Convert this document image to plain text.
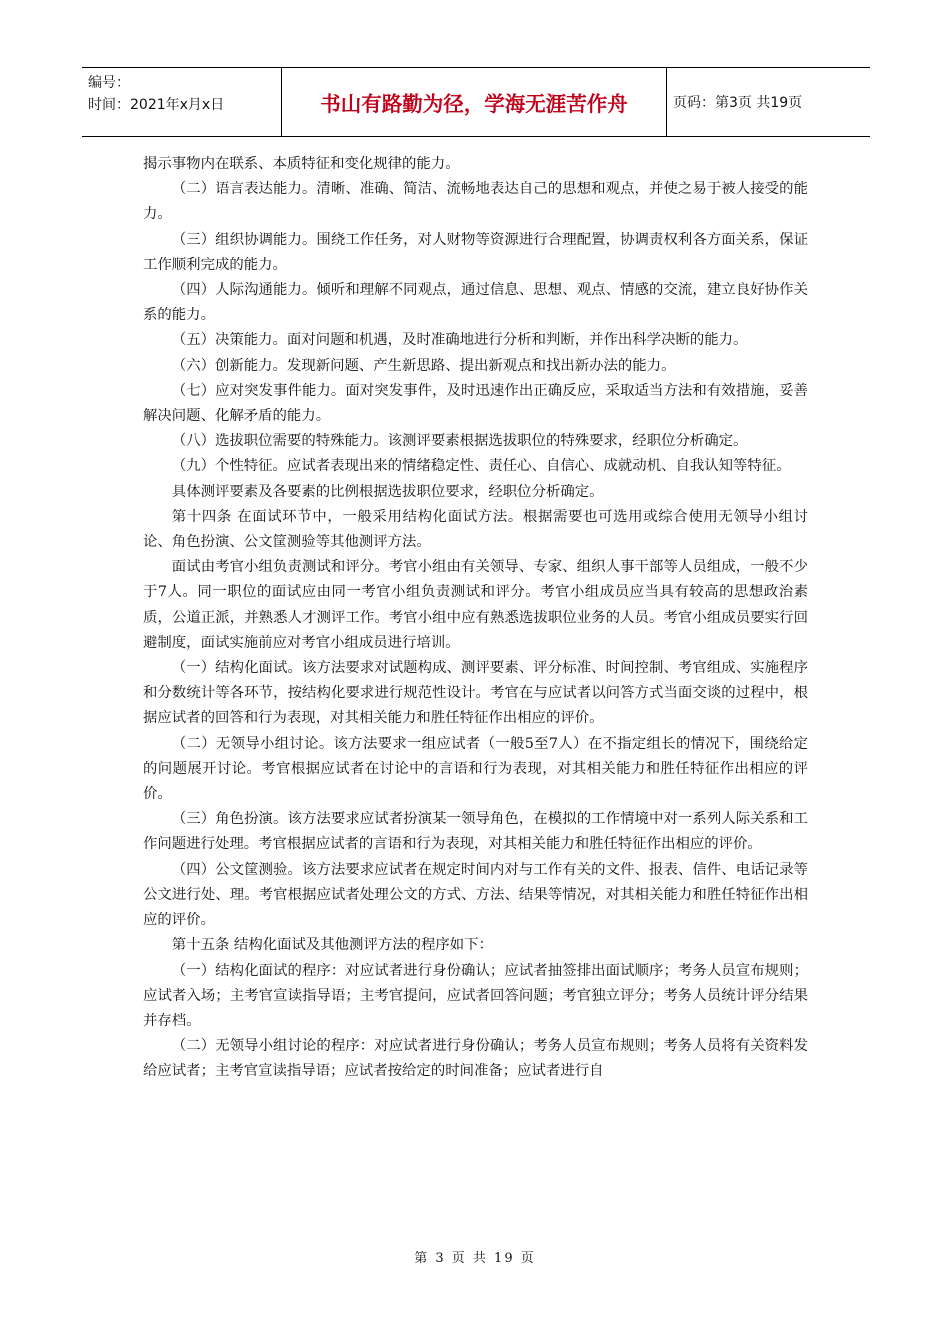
编号：
时间：2021年x月x日	书山有路勤为径，学海无涯苦作舟	页码：第3页 共19页

揭示事物内在联系、本质特征和变化规律的能力。

（二）语言表达能力。清晰、准确、简洁、流畅地表达自己的思想和观点，并使之易于被人接受的能力。

（三）组织协调能力。围绕工作任务，对人财物等资源进行合理配置，协调责权利各方面关系，保证工作顺利完成的能力。

（四）人际沟通能力。倾听和理解不同观点，通过信息、思想、观点、情感的交流，建立良好协作关系的能力。

（五）决策能力。面对问题和机遇，及时准确地进行分析和判断，并作出科学决断的能力。

（六）创新能力。发现新问题、产生新思路、提出新观点和找出新办法的能力。

（七）应对突发事件能力。面对突发事件，及时迅速作出正确反应，采取适当方法和有效措施，妥善解决问题、化解矛盾的能力。

（八）选拔职位需要的特殊能力。该测评要素根据选拔职位的特殊要求，经职位分析确定。

（九）个性特征。应试者表现出来的情绪稳定性、责任心、自信心、成就动机、自我认知等特征。

具体测评要素及各要素的比例根据选拔职位要求，经职位分析确定。

第十四条 在面试环节中，一般采用结构化面试方法。根据需要也可选用或综合使用无领导小组讨论、角色扮演、公文筐测验等其他测评方法。

面试由考官小组负责测试和评分。考官小组由有关领导、专家、组织人事干部等人员组成，一般不少于7人。同一职位的面试应由同一考官小组负责测试和评分。考官小组成员应当具有较高的思想政治素质，公道正派，并熟悉人才测评工作。考官小组中应有熟悉选拔职位业务的人员。考官小组成员要实行回避制度，面试实施前应对考官小组成员进行培训。

（一）结构化面试。该方法要求对试题构成、测评要素、评分标准、时间控制、考官组成、实施程序和分数统计等各环节，按结构化要求进行规范性设计。考官在与应试者以问答方式当面交谈的过程中，根据应试者的回答和行为表现，对其相关能力和胜任特征作出相应的评价。

（二）无领导小组讨论。该方法要求一组应试者（一般5至7人）在不指定组长的情况下，围绕给定的问题展开讨论。考官根据应试者在讨论中的言语和行为表现，对其相关能力和胜任特征作出相应的评价。

（三）角色扮演。该方法要求应试者扮演某一领导角色，在模拟的工作情境中对一系列人际关系和工作问题进行处理。考官根据应试者的言语和行为表现，对其相关能力和胜任特征作出相应的评价。

（四）公文筐测验。该方法要求应试者在规定时间内对与工作有关的文件、报表、信件、电话记录等公文进行处、理。考官根据应试者处理公文的方式、方法、结果等情况，对其相关能力和胜任特征作出相应的评价。

第十五条 结构化面试及其他测评方法的程序如下：

（一）结构化面试的程序：对应试者进行身份确认；应试者抽签排出面试顺序；考务人员宣布规则；应试者入场；主考官宣读指导语；主考官提问，应试者回答问题；考官独立评分；考务人员统计评分结果并存档。

（二）无领导小组讨论的程序：对应试者进行身份确认；考务人员宣布规则；考务人员将有关资料发给应试者；主考官宣读指导语；应试者按给定的时间准备；应试者进行自

第 3 页 共 19 页
